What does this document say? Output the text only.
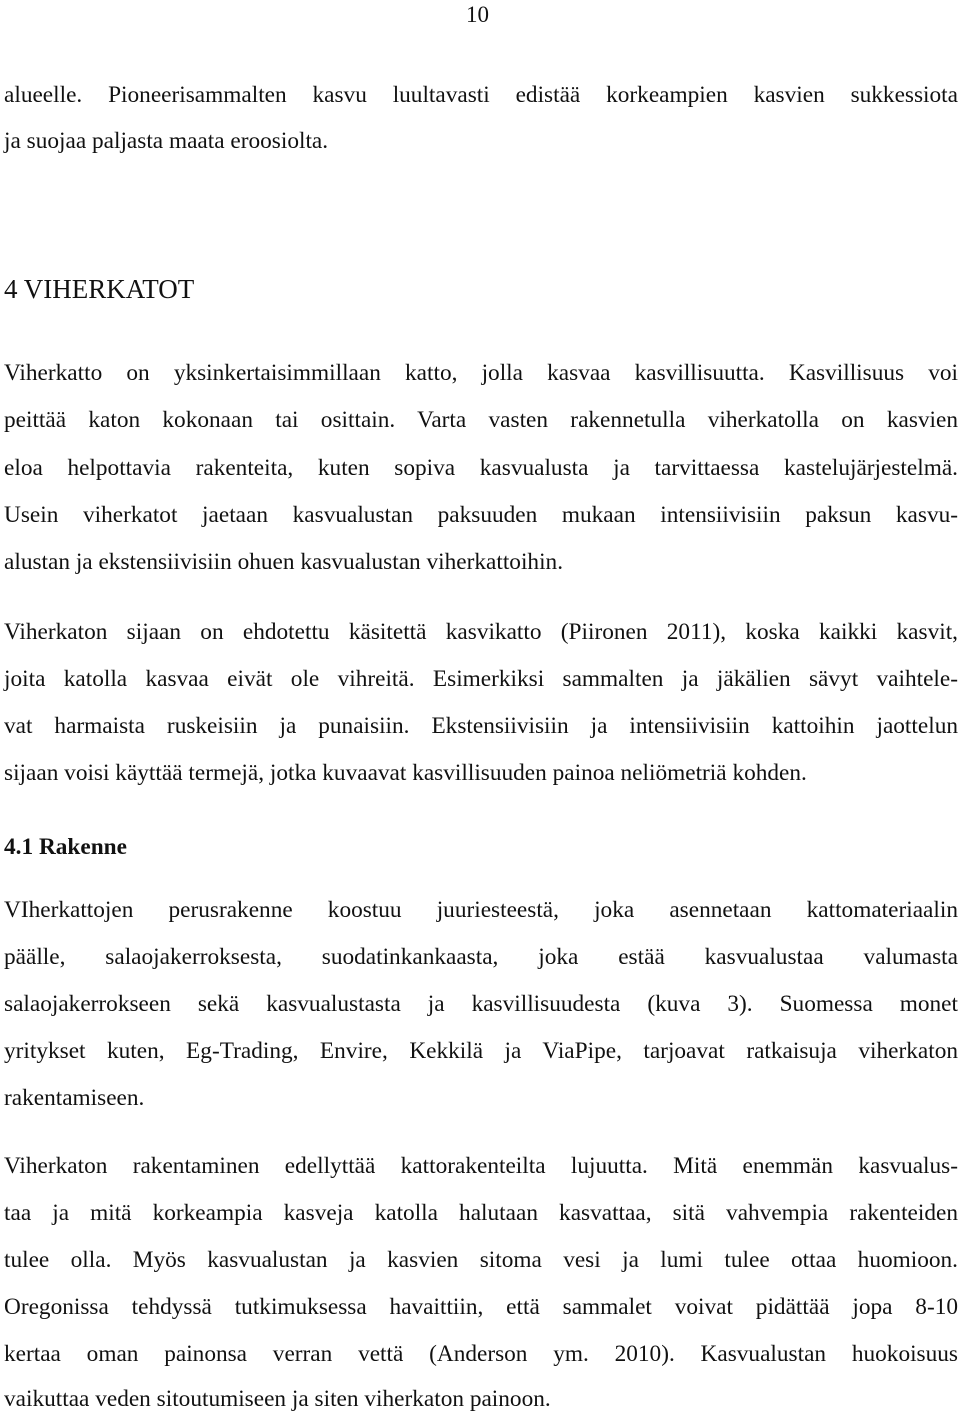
10
alueelle. Pioneerisammalten kasvu luultavasti edistää korkeampien kasvien sukkessiota
ja suojaa paljasta maata eroosiolta.
4 VIHERKATOT
Viherkatto on yksinkertaisimmillaan katto, jolla kasvaa kasvillisuutta. Kasvillisuus voi
peittää katon kokonaan tai osittain. Varta vasten rakennetulla viherkatolla on kasvien
eloa helpottavia rakenteita, kuten sopiva kasvualusta ja tarvittaessa kastelujärjestelmä.
Usein viherkatot jaetaan kasvualustan paksuuden mukaan intensiivisiin paksun kasvu-
alustan ja ekstensiivisiin ohuen kasvualustan viherkattoihin.
Viherkaton sijaan on ehdotettu käsitettä kasvikatto (Piironen 2011), koska kaikki kasvit,
joita katolla kasvaa eivät ole vihreitä. Esimerkiksi sammalten ja jäkälien sävyt vaihtele-
vat harmaista ruskeisiin ja punaisiin. Ekstensiivisiin ja intensiivisiin kattoihin jaottelun
sijaan voisi käyttää termejä, jotka kuvaavat kasvillisuuden painoa neliömetriä kohden.
4.1 Rakenne
VIherkattojen perusrakenne koostuu juuriesteestä, joka asennetaan kattomateriaalin
päälle, salaojakerroksesta, suodatinkankaasta, joka estää kasvualustaa valumasta
salaojakerrokseen sekä kasvualustasta ja kasvillisuudesta (kuva 3). Suomessa monet
yritykset kuten, Eg-Trading, Envire, Kekkilä ja ViaPipe, tarjoavat ratkaisuja viherkaton
rakentamiseen.
Viherkaton rakentaminen edellyttää kattorakenteilta lujuutta. Mitä enemmän kasvualus-
taa ja mitä korkeampia kasveja katolla halutaan kasvattaa, sitä vahvempia rakenteiden
tulee olla. Myös kasvualustan ja kasvien sitoma vesi ja lumi tulee ottaa huomioon.
Oregonissa tehdyssä tutkimuksessa havaittiin, että sammalet voivat pidättää jopa 8-10
kertaa oman painonsa verran vettä (Anderson ym. 2010). Kasvualustan huokoisuus
vaikuttaa veden sitoutumiseen ja siten viherkaton painoon.
